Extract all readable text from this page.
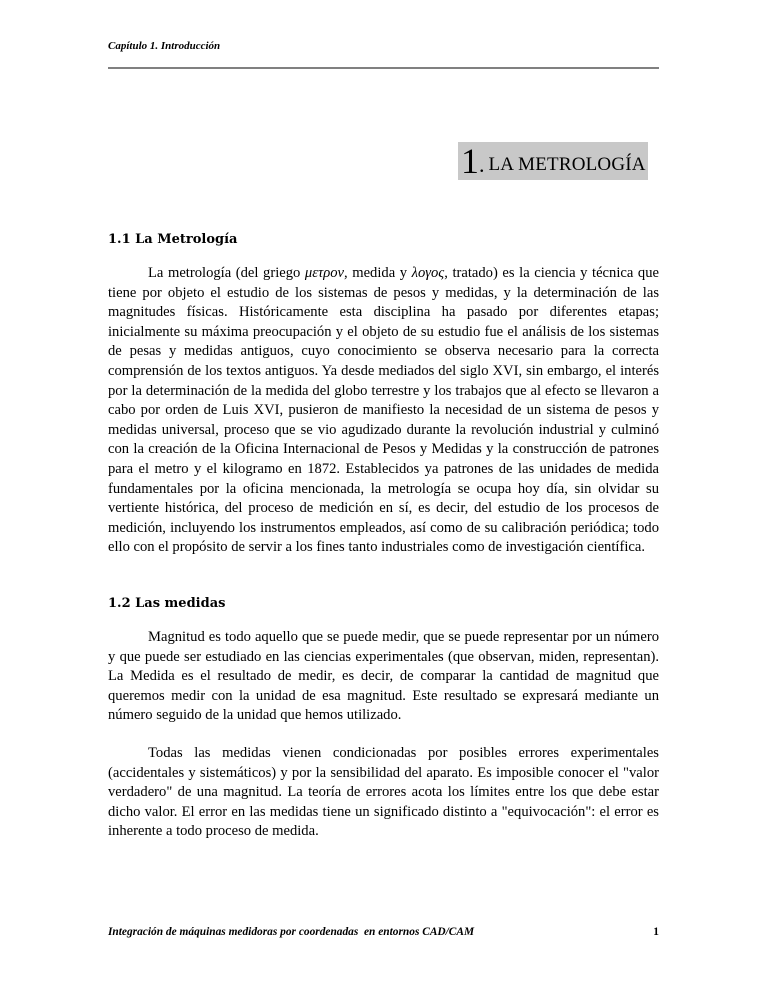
Capítulo 1. Introducción
1 . LA METROLOGÍA
1.1 La Metrología

La metrología (del griego μετρον, medida y λογος, tratado) es la ciencia y técnica que tiene por objeto el estudio de los sistemas de pesos y medidas, y la determinación de las magnitudes físicas. Históricamente esta disciplina ha pasado por diferentes etapas; inicialmente su máxima preocupación y el objeto de su estudio fue el análisis de los sistemas de pesas y medidas antiguos, cuyo conocimiento se observa necesario para la correcta comprensión de los textos antiguos. Ya desde mediados del siglo XVI, sin embargo, el interés por la determinación de la medida del globo terrestre y los trabajos que al efecto se llevaron a cabo por orden de Luis XVI, pusieron de manifiesto la necesidad de un sistema de pesos y medidas universal, proceso que se vio agudizado durante la revolución industrial y culminó con la creación de la Oficina Internacional de Pesos y Medidas y la construcción de patrones para el metro y el kilogramo en 1872. Establecidos ya patrones de las unidades de medida fundamentales por la oficina mencionada, la metrología se ocupa hoy día, sin olvidar su vertiente histórica, del proceso de medición en sí, es decir, del estudio de los procesos de medición, incluyendo los instrumentos empleados, así como de su calibración periódica; todo ello con el propósito de servir a los fines tanto industriales como de investigación científica.

1.2 Las medidas

Magnitud es todo aquello que se puede medir, que se puede representar por un número y que puede ser estudiado en las ciencias experimentales (que observan, miden, representan). La Medida es el resultado de medir, es decir, de comparar la cantidad de magnitud que queremos medir con la unidad de esa magnitud. Este resultado se expresará mediante un número seguido de la unidad que hemos utilizado.

Todas las medidas vienen condicionadas por posibles errores experimentales (accidentales y sistemáticos) y por la sensibilidad del aparato. Es imposible conocer el "valor verdadero" de una magnitud. La teoría de errores acota los límites entre los que debe estar dicho valor. El error en las medidas tiene un significado distinto a "equivocación": el error es inherente a todo proceso de medida.

Integración de máquinas medidoras por coordenadas  en entornos CAD/CAM	1
